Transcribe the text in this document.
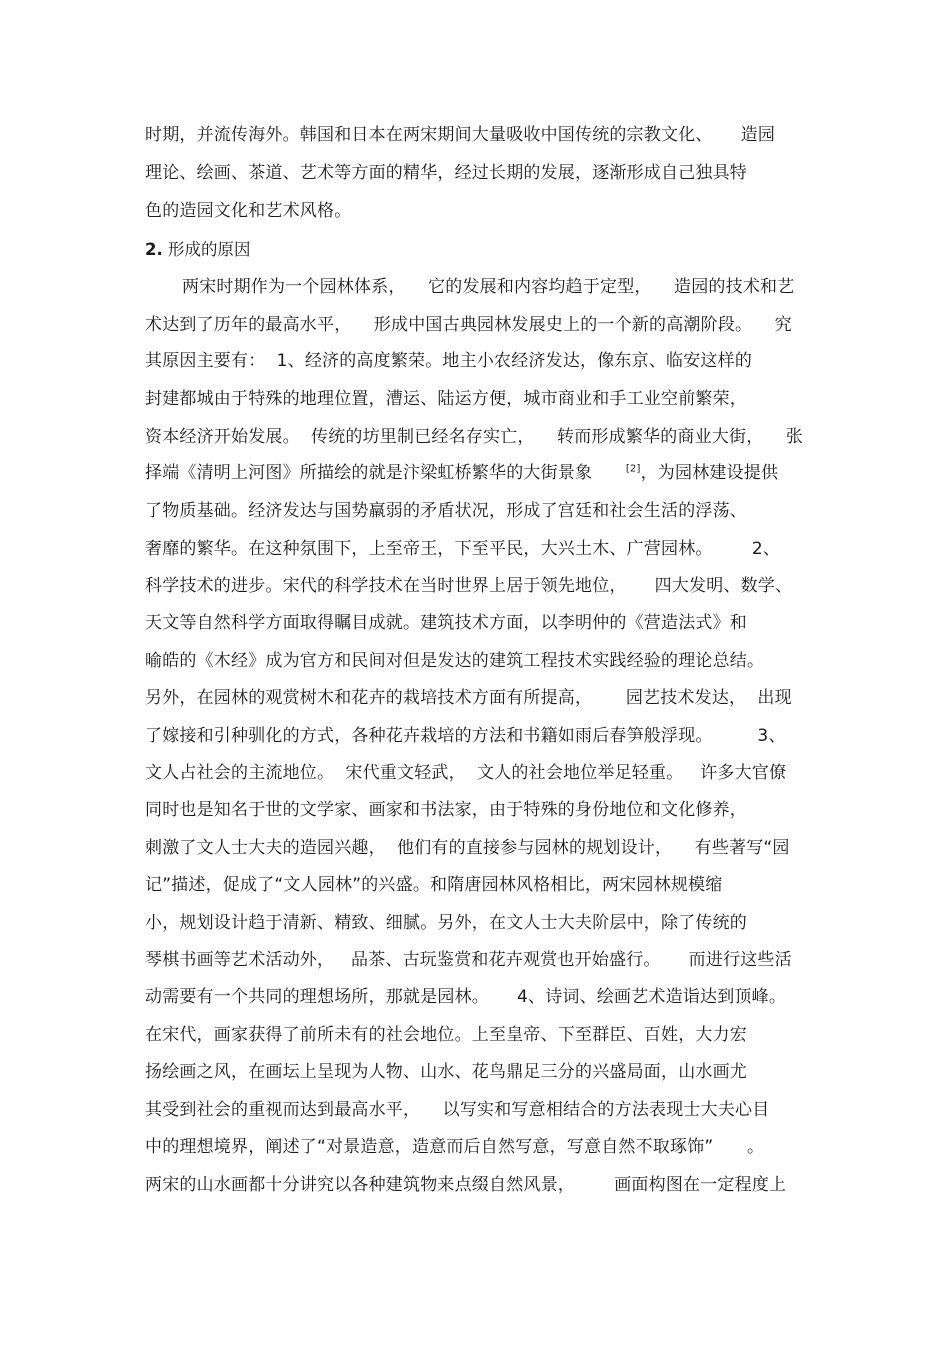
时期，并流传海外。韩国和日本在两宋期间大量吸收中国传统的宗教文化、     造园
理论、绘画、茶道、艺术等方面的精华，经过长期的发展，逐渐形成自己独具特
色的造园文化和艺术风格。
2. 形成的原因
两宋时期作为一个园林体系，    它的发展和内容均趋于定型，    造园的技术和艺
术达到了历年的最高水平，    形成中国古典园林发展史上的一个新的高潮阶段。    究
其原因主要有：  1、经济的高度繁荣。地主小农经济发达，像东京、临安这样的
封建都城由于特殊的地理位置，漕运、陆运方便，城市商业和手工业空前繁荣，
资本经济开始发展。  传统的坊里制已经名存实亡，    转而形成繁华的商业大街，    张
择端《清明上河图》所描绘的就是汴梁虹桥繁华的大街景象      [2]，为园林建设提供
了物质基础。经济发达与国势羸弱的矛盾状况，形成了宫廷和社会生活的浮荡、
奢靡的繁华。在这种氛围下，上至帝王，下至平民，大兴土木、广营园林。       2、
科学技术的进步。宋代的科学技术在当时世界上居于领先地位，     四大发明、数学、
天文等自然科学方面取得瞩目成就。建筑技术方面，以李明仲的《营造法式》和
喻皓的《木经》成为官方和民间对但是发达的建筑工程技术实践经验的理论总结。
另外，在园林的观赏树木和花卉的栽培技术方面有所提高，      园艺技术发达，  出现
了嫁接和引种驯化的方式，各种花卉栽培的方法和书籍如雨后春笋般浮现。        3、
文人占社会的主流地位。  宋代重文轻武，  文人的社会地位举足轻重。   许多大官僚
同时也是知名于世的文学家、画家和书法家，由于特殊的身份地位和文化修养，
刺激了文人士大夫的造园兴趣，  他们有的直接参与园林的规划设计，    有些著写“园
记”描述，促成了“文人园林”的兴盛。和隋唐园林风格相比，两宋园林规模缩
小，规划设计趋于清新、精致、细腻。另外，在文人士大夫阶层中，除了传统的
琴棋书画等艺术活动外，   品茶、古玩鉴赏和花卉观赏也开始盛行。     而进行这些活
动需要有一个共同的理想场所，那就是园林。     4、诗词、绘画艺术造诣达到顶峰。
在宋代，画家获得了前所未有的社会地位。上至皇帝、下至群臣、百姓，大力宏
扬绘画之风，在画坛上呈现为人物、山水、花鸟鼎足三分的兴盛局面，山水画尤
其受到社会的重视而达到最高水平，    以写实和写意相结合的方法表现士大夫心目
中的理想境界，阐述了“对景造意，造意而后自然写意，写意自然不取琢饰”      。
两宋的山水画都十分讲究以各种建筑物来点缀自然风景，       画面构图在一定程度上
